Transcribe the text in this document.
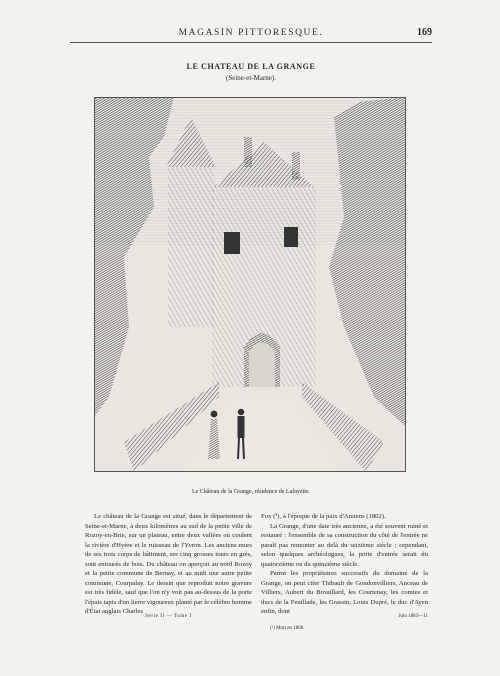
MAGASIN PITTORESQUE.	169
LE CHATEAU DE LA GRANGE
(Seine-et-Marne).
Le Château de la Grange, résidence de Lafayette.

Le château de la Grange est situé, dans le département de Seine-et-Marne, à deux kilomètres au sud de la petite ville de Rozoy-en-Brie, sur un plateau, entre deux vallées où coulent la rivière d'Hyère et le ruisseau de l'Yvron. Les anciens murs de ses trois corps de bâtiment, ses cinq grosses tours en grès, sont entourés de bois. Du château on aperçoit au nord Rozoy et la petite commune de Bernay, et au midi une autre petite commune, Courpalay. Le dessin que reproduit notre gravure est très fidèle, sauf que l'on n'y voit pas au-dessus de la porte l'épais tapis d'un lierre vigoureux planté par le célèbre homme d'État anglais Charles

Fox (¹), à l'époque de la paix d'Amiens (1802).

La Grange, d'une date très ancienne, a été souvent ruiné et restauré : l'ensemble de sa construction du côté de l'entrée ne paraît pas remonter au delà du seizième siècle ; cependant, selon quelques archéologues, la porte d'entrée serait du quatorzième ou du quinzième siècle.

Parmi les propriétaires successifs du domaine de la Grange, on peut citer Thibault de Gondonvilliers, Anceau de Villiers, Aubert du Brouillard, les Courtenay, les comtes et ducs de la Feuillade, les Grassin, Louis Dupré, le duc d'Ayen enfin, dont

Série II — Tome I
(¹) Mort en 1806.
Juin 1883—11
